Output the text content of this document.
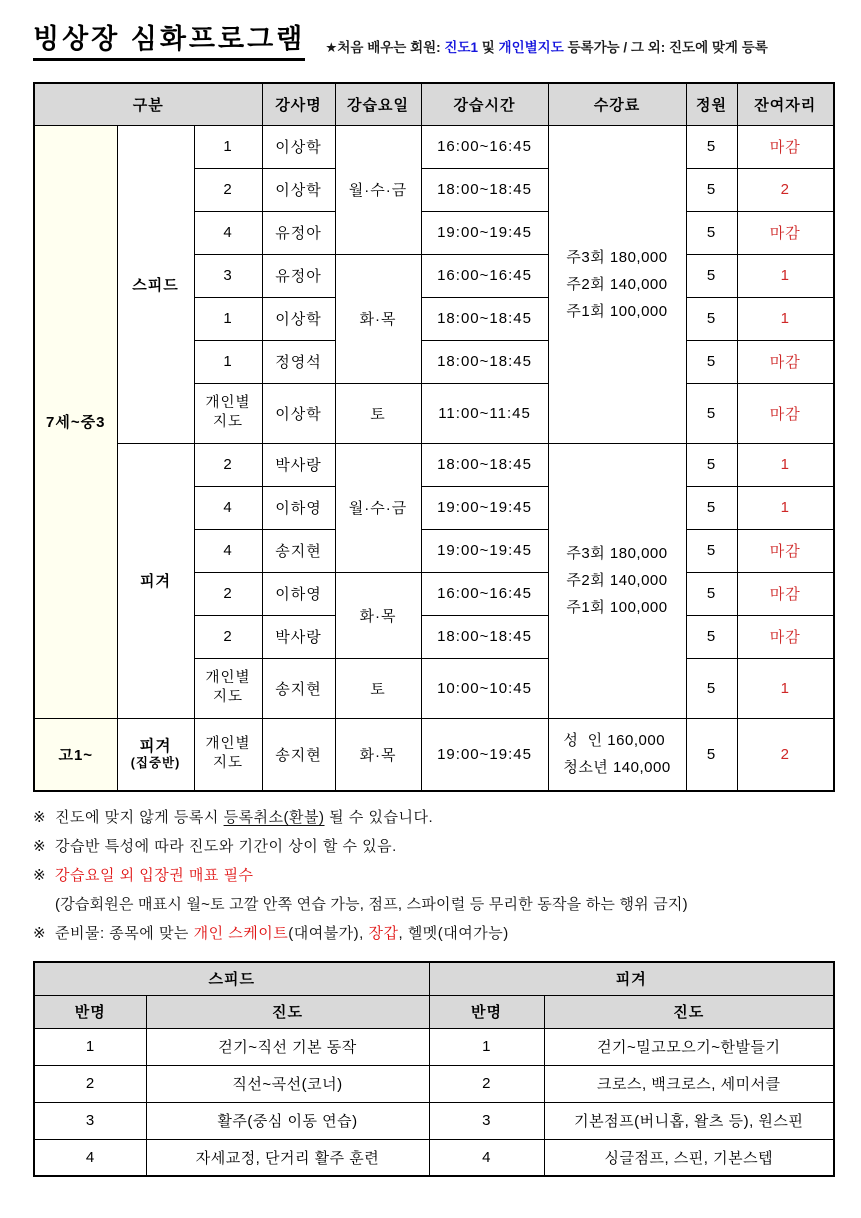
빙상장 심화프로그램 ★처음 배우는 회원: 진도1 및 개인별지도 등록가능 / 그 외: 진도에 맞게 등록
구분			강사명	강습요일	강습시간	수강료	정원	잔여자리
7세~중3	스피드	1	이상학	월·수·금	16:00~16:45	주3회 180,000
주2회 140,000
주1회 100,000	5	마감
		2	이상학		18:00~18:45		5	2
		4	유정아		19:00~19:45		5	마감
		3	유정아	화·목	16:00~16:45		5	1
		1	이상학		18:00~18:45		5	1
		1	정영석		18:00~18:45		5	마감
		개인별 지도	이상학	토	11:00~11:45		5	마감
	피겨	2	박사랑	월·수·금	18:00~18:45	주3회 180,000
주2회 140,000
주1회 100,000	5	1
		4	이하영		19:00~19:45		5	1
		4	송지현		19:00~19:45		5	마감
		2	이하영	화·목	16:00~16:45		5	마감
		2	박사랑		18:00~18:45		5	마감
		개인별 지도	송지현	토	10:00~10:45		5	1
고1~	피겨
(집중반)	개인별 지도	송지현	화·목	19:00~19:45	성  인 160,000
청소년 140,000	5	2
※ 진도에 맞지 않게 등록시 등록취소(환불) 될 수 있습니다.
※ 강습반 특성에 따라 진도와 기간이 상이 할 수 있음.
※ 강습요일 외 입장권 매표 필수
(강습회원은 매표시 월~토 고깔 안쪽 연습 가능, 점프, 스파이럴 등 무리한 동작을 하는 행위 금지)
※ 준비물: 종목에 맞는 개인 스케이트(대여불가), 장갑, 헬멧(대여가능)
스피드		피겨	
반명	진도	반명	진도
1	걷기~직선 기본 동작	1	걷기~밀고모으기~한발들기
2	직선~곡선(코너)	2	크로스, 백크로스, 세미서클
3	활주(중심 이동 연습)	3	기본점프(버니홉, 왈츠 등), 원스핀
4	자세교정, 단거리 활주 훈련	4	싱글점프, 스핀, 기본스텝
